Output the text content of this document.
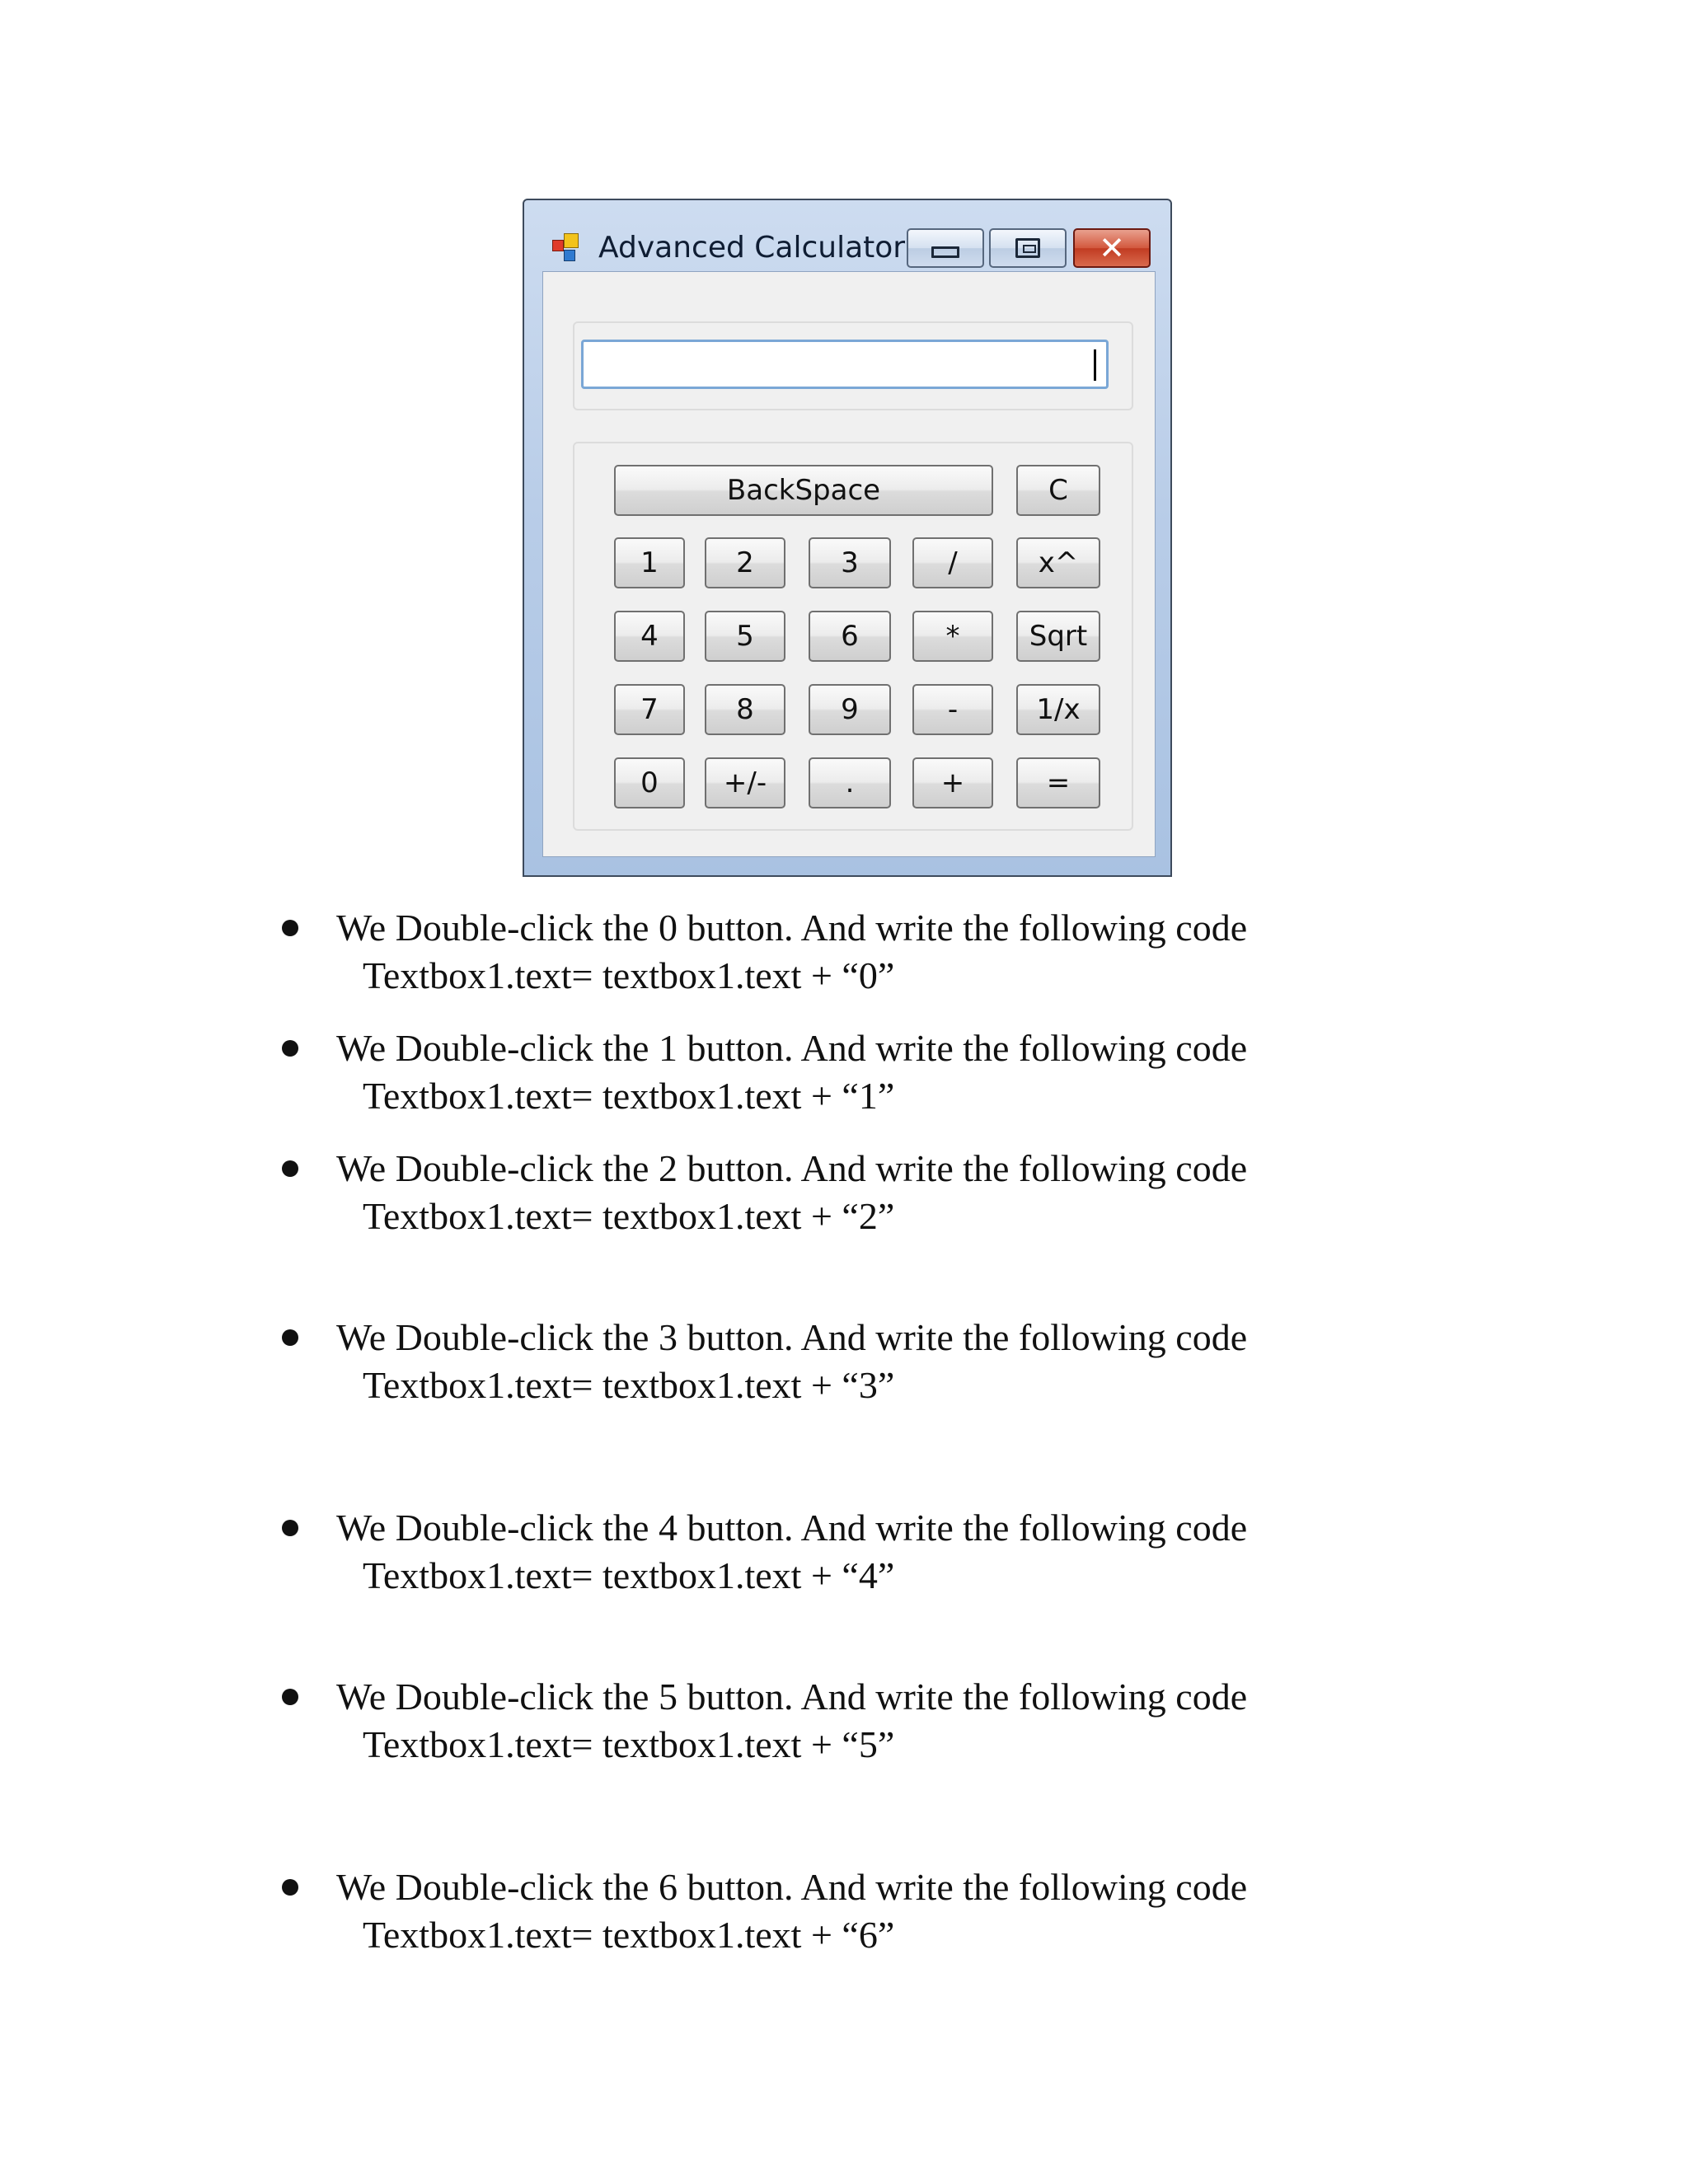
Advanced Calculator	✕
BackSpace	C
1	2	3	/	x^
4	5	6	*	Sqrt
7	8	9	-	1/x
0	+/-	.	+	=
We Double-click the 0 button. And write the following code
Textbox1.text= textbox1.text + “0”
We Double-click the 1 button. And write the following code
Textbox1.text= textbox1.text + “1”
We Double-click the 2 button. And write the following code
Textbox1.text= textbox1.text + “2”
We Double-click the 3 button. And write the following code
Textbox1.text= textbox1.text + “3”
We Double-click the 4 button. And write the following code
Textbox1.text= textbox1.text + “4”
We Double-click the 5 button. And write the following code
Textbox1.text= textbox1.text + “5”
We Double-click the 6 button. And write the following code
Textbox1.text= textbox1.text + “6”
